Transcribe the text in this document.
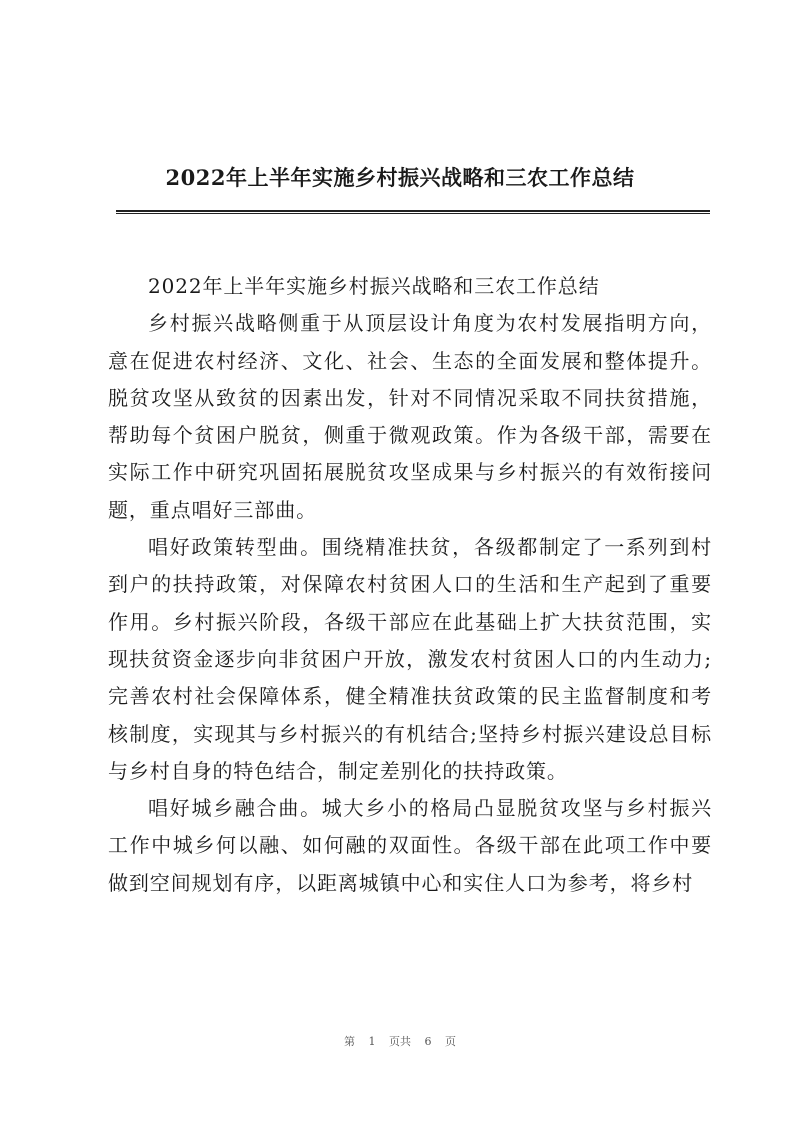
2022年上半年实施乡村振兴战略和三农工作总结

2022年上半年实施乡村振兴战略和三农工作总结

乡村振兴战略侧重于从顶层设计角度为农村发展指明方向，意在促进农村经济、文化、社会、生态的全面发展和整体提升。脱贫攻坚从致贫的因素出发，针对不同情况采取不同扶贫措施，帮助每个贫困户脱贫，侧重于微观政策。作为各级干部，需要在实际工作中研究巩固拓展脱贫攻坚成果与乡村振兴的有效衔接问题，重点唱好三部曲。

唱好政策转型曲。围绕精准扶贫，各级都制定了一系列到村到户的扶持政策，对保障农村贫困人口的生活和生产起到了重要作用。乡村振兴阶段，各级干部应在此基础上扩大扶贫范围，实现扶贫资金逐步向非贫困户开放，激发农村贫困人口的内生动力;完善农村社会保障体系，健全精准扶贫政策的民主监督制度和考核制度，实现其与乡村振兴的有机结合;坚持乡村振兴建设总目标与乡村自身的特色结合，制定差别化的扶持政策。

唱好城乡融合曲。城大乡小的格局凸显脱贫攻坚与乡村振兴工作中城乡何以融、如何融的双面性。各级干部在此项工作中要做到空间规划有序，以距离城镇中心和实住人口为参考，将乡村

第 1 页共 6 页
